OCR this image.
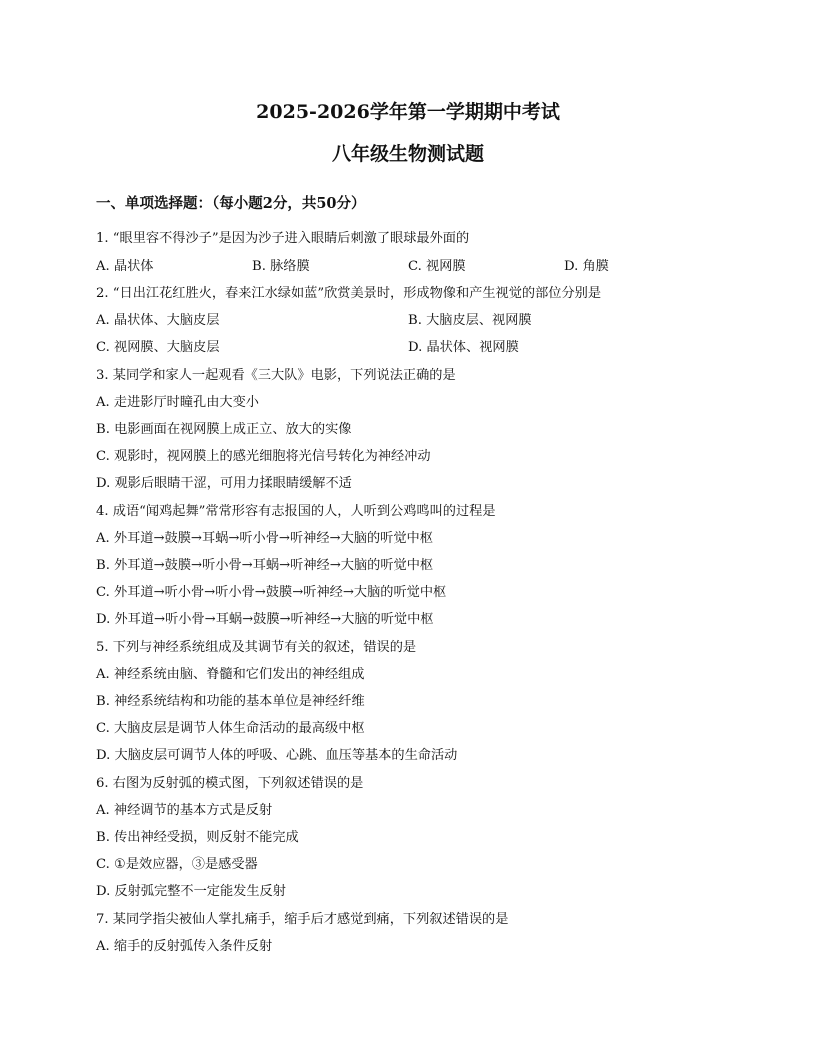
2025-2026学年第一学期期中考试
八年级生物测试题
一、单项选择题：（每小题2分，共50分）
1. “眼里容不得沙子”是因为沙子进入眼睛后刺激了眼球最外面的
A. 晶状体	B. 脉络膜	C. 视网膜	D. 角膜
2. “日出江花红胜火，春来江水绿如蓝”欣赏美景时，形成物像和产生视觉的部位分别是
A. 晶状体、大脑皮层	B. 大脑皮层、视网膜
C. 视网膜、大脑皮层	D. 晶状体、视网膜
3. 某同学和家人一起观看《三大队》电影，下列说法正确的是
A. 走进影厅时瞳孔由大变小
B. 电影画面在视网膜上成正立、放大的实像
C. 观影时，视网膜上的感光细胞将光信号转化为神经冲动
D. 观影后眼睛干涩，可用力揉眼睛缓解不适
4. 成语“闻鸡起舞”常常形容有志报国的人，人听到公鸡鸣叫的过程是
A. 外耳道→鼓膜→耳蜗→听小骨→听神经→大脑的听觉中枢
B. 外耳道→鼓膜→听小骨→耳蜗→听神经→大脑的听觉中枢
C. 外耳道→听小骨→听小骨→鼓膜→听神经→大脑的听觉中枢
D. 外耳道→听小骨→耳蜗→鼓膜→听神经→大脑的听觉中枢
5. 下列与神经系统组成及其调节有关的叙述，错误的是
A. 神经系统由脑、脊髓和它们发出的神经组成
B. 神经系统结构和功能的基本单位是神经纤维
C. 大脑皮层是调节人体生命活动的最高级中枢
D. 大脑皮层可调节人体的呼吸、心跳、血压等基本的生命活动
6. 右图为反射弧的模式图，下列叙述错误的是
A. 神经调节的基本方式是反射
B. 传出神经受损，则反射不能完成
C. ①是效应器，③是感受器
D. 反射弧完整不一定能发生反射
7. 某同学指尖被仙人掌扎痛手，缩手后才感觉到痛，下列叙述错误的是
A. 缩手的反射弧传入条件反射
